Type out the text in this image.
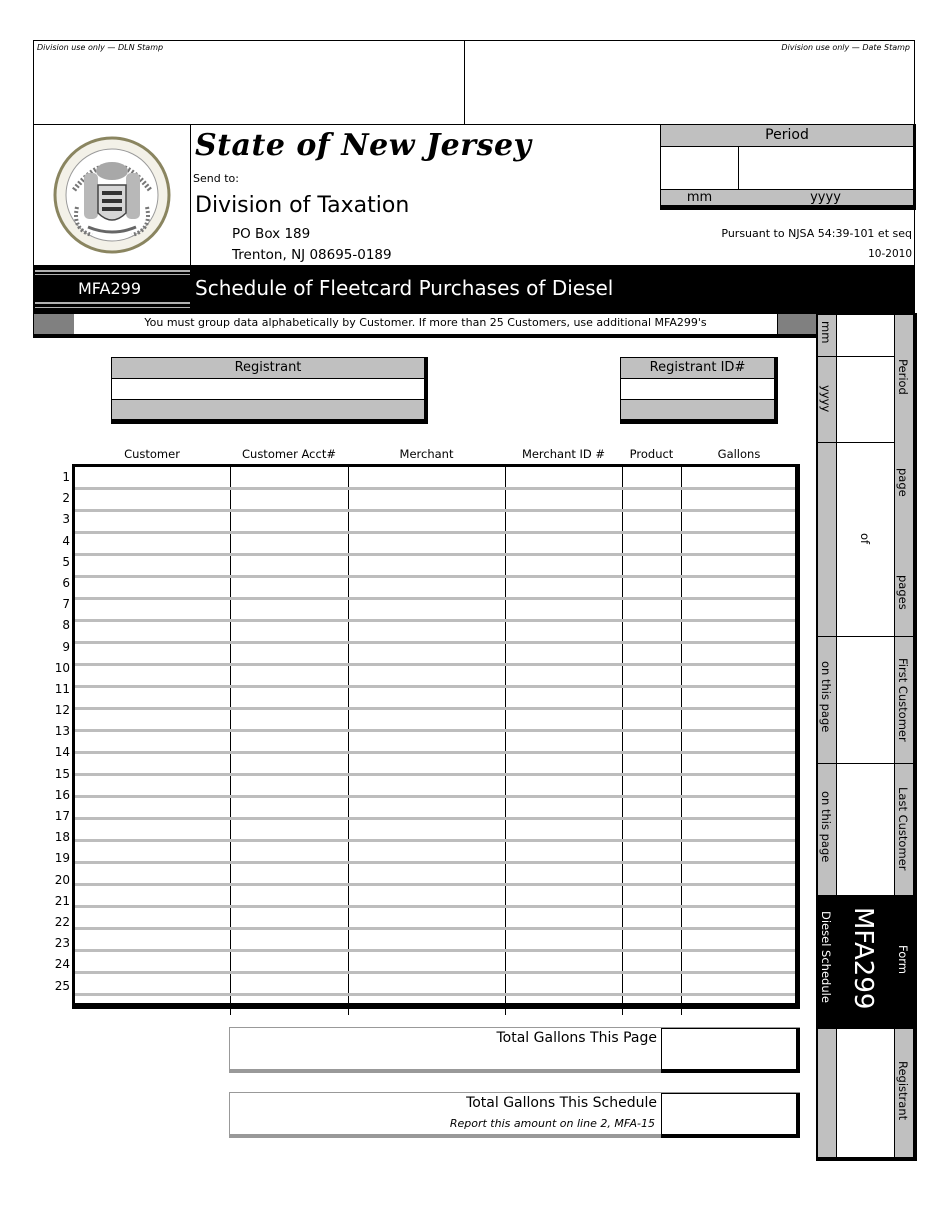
Division use only — DLN Stamp	Division use only — Date Stamp
State of New Jersey
Send to:
Division of Taxation
PO Box 189
Trenton, NJ 08695-0189
Period
mm	yyyy
Pursuant to NJSA 54:39-101 et seq
10-2010
MFA299	Schedule of Fleetcard Purchases of Diesel
You must group data alphabetically by Customer. If more than 25 Customers, use additional MFA299's
Registrant	Registrant ID#
Customer	Customer Acct#	Merchant	Merchant ID #	Product	Gallons
1
2
3
4
5
6
7
8
9
10
11
12
13
14
15
16
17
18
19
20
21
22
23
24
25

Total Gallons This Page
Total Gallons This Schedule
Report this amount on line 2, MFA-15
mm
yyyy
Period
page
of
pages
on this page	First Customer
on this page	Last Customer
Diesel Schedule MFA299 Form
Registrant
